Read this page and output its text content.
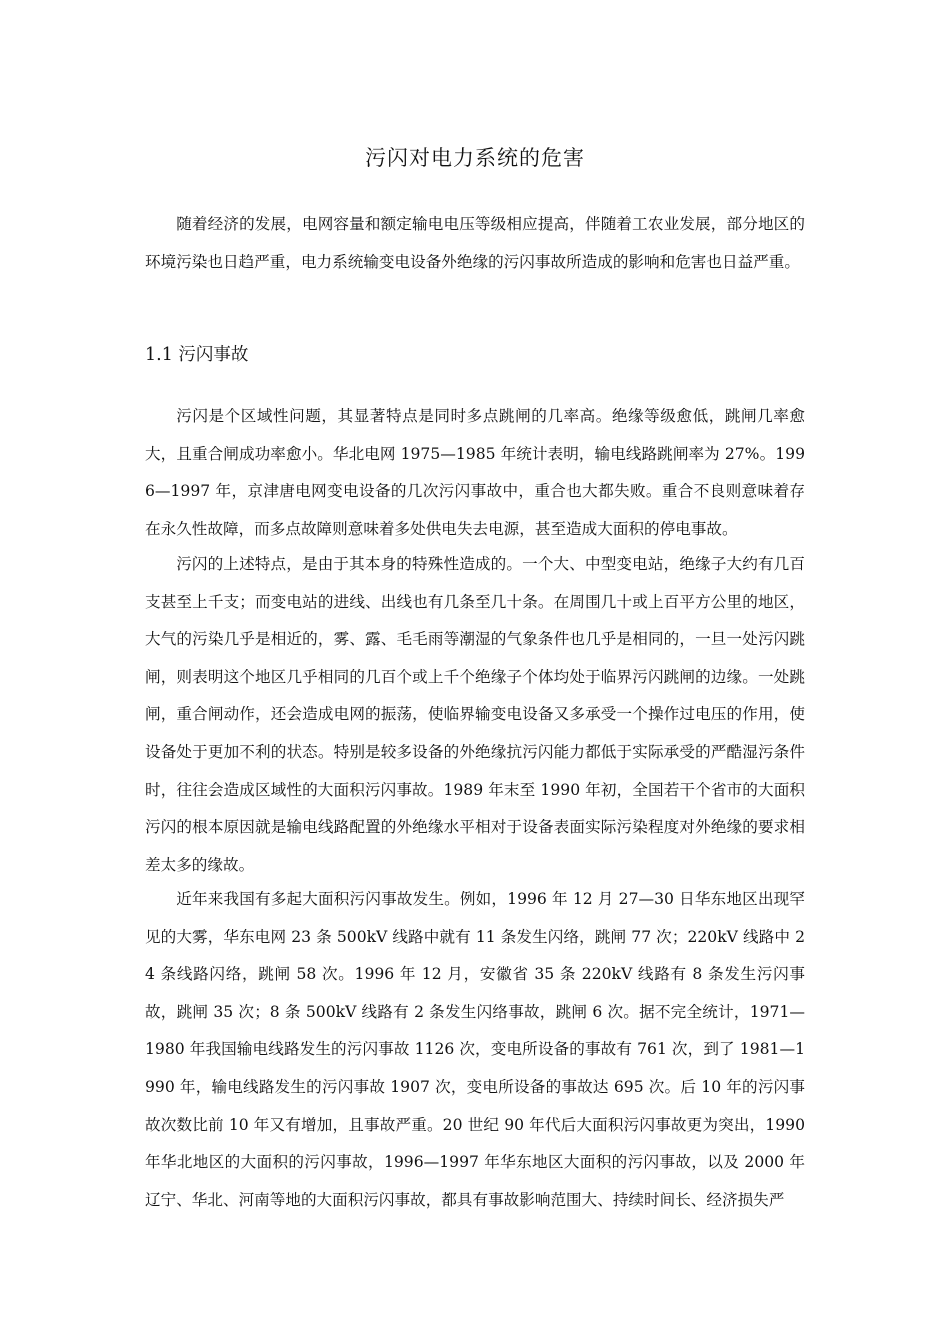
污闪对电力系统的危害

随着经济的发展，电网容量和额定输电电压等级相应提高，伴随着工农业发展，部分地区的环境污染也日趋严重，电力系统输变电设备外绝缘的污闪事故所造成的影响和危害也日益严重。

1.1 污闪事故

污闪是个区域性问题，其显著特点是同时多点跳闸的几率高。绝缘等级愈低，跳闸几率愈大，且重合闸成功率愈小。华北电网 1975—1985 年统计表明，输电线路跳闸率为 27%。1996—1997 年，京津唐电网变电设备的几次污闪事故中，重合也大都失败。重合不良则意味着存在永久性故障，而多点故障则意味着多处供电失去电源，甚至造成大面积的停电事故。

污闪的上述特点，是由于其本身的特殊性造成的。一个大、中型变电站，绝缘子大约有几百支甚至上千支；而变电站的进线、出线也有几条至几十条。在周围几十或上百平方公里的地区，大气的污染几乎是相近的，雾、露、毛毛雨等潮湿的气象条件也几乎是相同的，一旦一处污闪跳闸，则表明这个地区几乎相同的几百个或上千个绝缘子个体均处于临界污闪跳闸的边缘。一处跳闸，重合闸动作，还会造成电网的振荡，使临界输变电设备又多承受一个操作过电压的作用，使设备处于更加不利的状态。特别是较多设备的外绝缘抗污闪能力都低于实际承受的严酷湿污条件时，往往会造成区域性的大面积污闪事故。1989 年末至 1990 年初，全国若干个省市的大面积污闪的根本原因就是输电线路配置的外绝缘水平相对于设备表面实际污染程度对外绝缘的要求相差太多的缘故。

近年来我国有多起大面积污闪事故发生。例如，1996 年 12 月 27—30 日华东地区出现罕见的大雾，华东电网 23 条 500kV 线路中就有 11 条发生闪络，跳闸 77 次；220kV 线路中 24 条线路闪络，跳闸 58 次。1996 年 12 月，安徽省 35 条 220kV 线路有 8 条发生污闪事故，跳闸 35 次；8 条 500kV 线路有 2 条发生闪络事故，跳闸 6 次。据不完全统计，1971—1980 年我国输电线路发生的污闪事故 1126 次，变电所设备的事故有 761 次，到了 1981—1990 年，输电线路发生的污闪事故 1907 次，变电所设备的事故达 695 次。后 10 年的污闪事故次数比前 10 年又有增加，且事故严重。20 世纪 90 年代后大面积污闪事故更为突出，1990 年华北地区的大面积的污闪事故，1996—1997 年华东地区大面积的污闪事故，以及 2000 年辽宁、华北、河南等地的大面积污闪事故，都具有事故影响范围大、持续时间长、经济损失严
